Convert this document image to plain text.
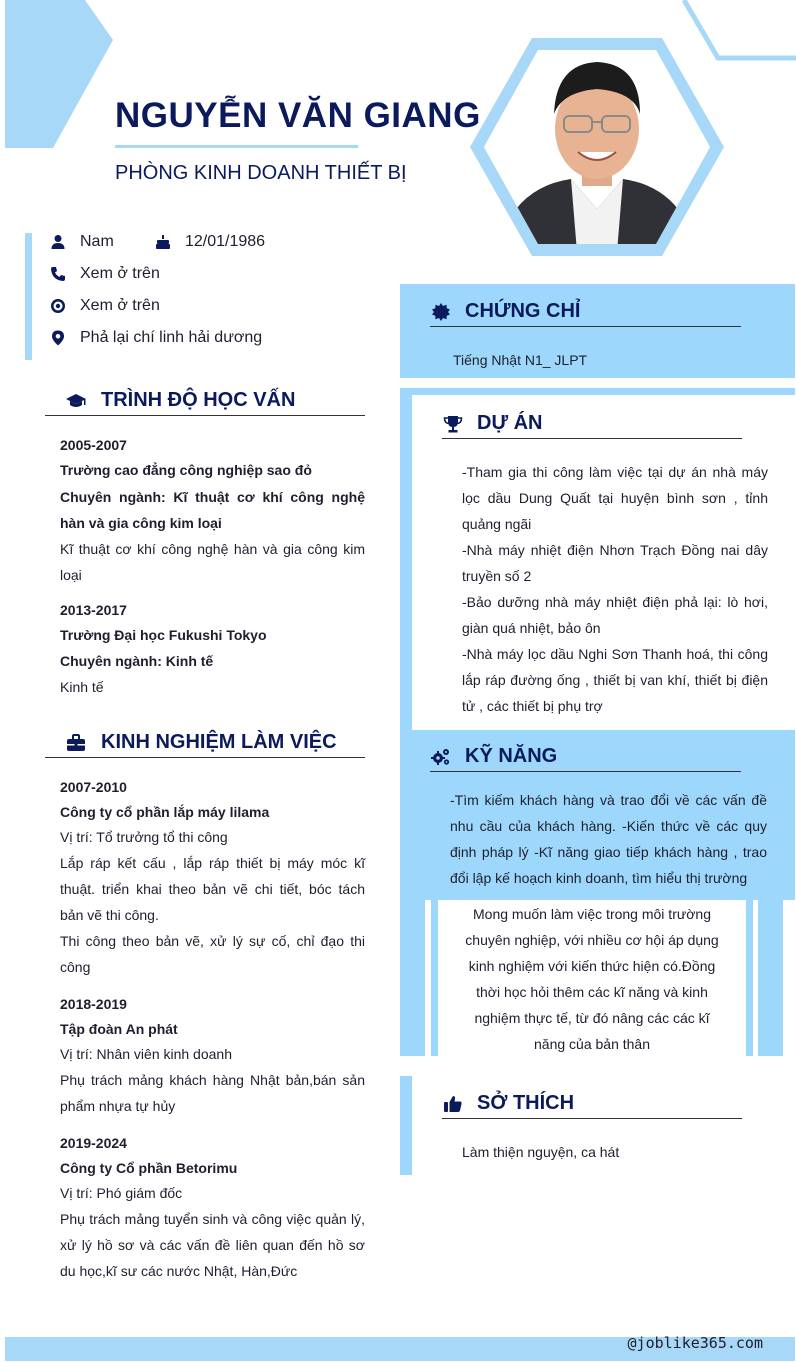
NGUYỄN VĂN GIANG
PHÒNG KINH DOANH THIẾT BỊ
Nam	12/01/1986
Xem ở trên
Xem ở trên
Phả lại chí linh hải dương
TRÌNH ĐỘ HỌC VẤN
2005-2007
Trường cao đẳng công nghiệp sao đỏ

Chuyên ngành: Kĩ thuật cơ khí công nghệ hàn và gia công kim loại

Kĩ thuật cơ khí công nghệ hàn và gia công kim loại

2013-2017
Trường Đại học Fukushi Tokyo

Chuyên ngành: Kinh tế

Kinh tế

KINH NGHIỆM LÀM VIỆC
2007-2010
Công ty cổ phần lắp máy lilama

Vị trí: Tổ trưởng tổ thi công

Lắp ráp kết cấu , lắp ráp thiết bị máy móc kĩ thuật. triển khai theo bản vẽ chi tiết, bóc tách bản vẽ thi công.

Thi công theo bản vẽ, xử lý sự cố, chỉ đạo thi công

2018-2019
Tập đoàn An phát

Vị trí: Nhân viên kinh doanh

Phụ trách mảng khách hàng Nhật bản,bán sản phẩm nhựa tự hủy

2019-2024
Công ty Cổ phần Betorimu

Vị trí: Phó giám đốc

Phụ trách mảng tuyển sinh và công việc quản lý, xử lý hồ sơ và các vấn đề liên quan đến hồ sơ du học,kĩ sư các nước Nhật, Hàn,Đức

CHỨNG CHỈ
Tiếng Nhật N1_ JLPT
DỰ ÁN

-Tham gia thi công làm việc tại dự án nhà máy lọc dầu Dung Quất tại huyện bình sơn , tỉnh quảng ngãi

-Nhà máy nhiệt điện Nhơn Trạch Đồng nai dây truyền số 2

-Bảo dưỡng nhà máy nhiệt điện phả lại: lò hơi, giàn quá nhiệt, bảo ôn

-Nhà máy lọc dầu Nghi Sơn Thanh hoá, thi công lắp ráp đường ống , thiết bị van khí, thiết bị điện tử , các thiết bị phụ trợ

KỸ NĂNG
-Tìm kiếm khách hàng và trao đổi về các vấn đề nhu cầu của khách hàng. -Kiến thức về các quy định pháp lý -Kĩ năng giao tiếp khách hàng , trao đổi lập kế hoạch kinh doanh, tìm hiểu thị trường
Mong muốn làm việc trong môi trường chuyên nghiệp, với nhiều cơ hội áp dụng kinh nghiệm với kiến thức hiện có.Đồng thời học hỏi thêm các kĩ năng và kinh nghiệm thực tế, từ đó nâng các các kĩ năng của bản thân
SỞ THÍCH
Làm thiện nguyện, ca hát
@joblike365.com
